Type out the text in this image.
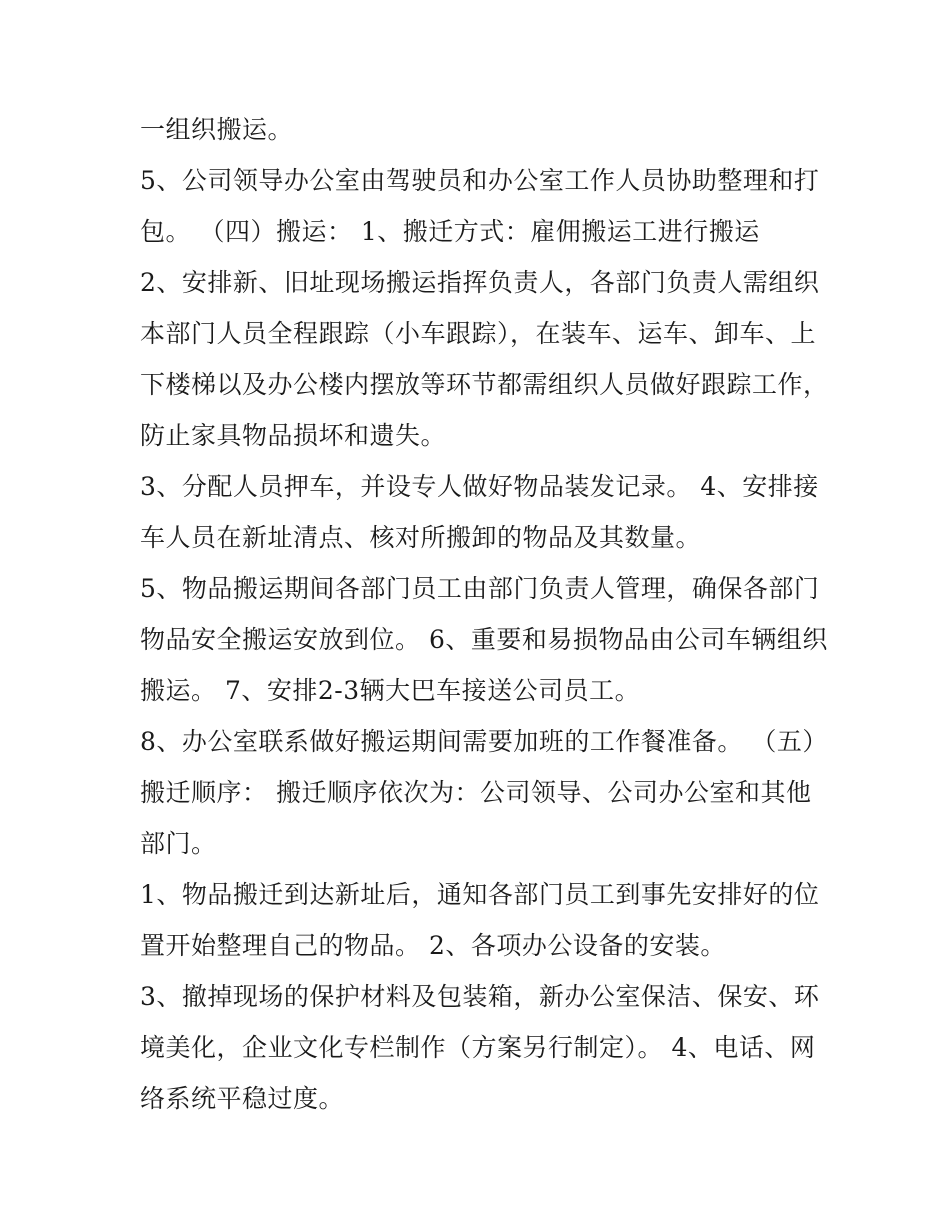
一组织搬运。
5、公司领导办公室由驾驶员和办公室工作人员协助整理和打
包。 （四）搬运： 1、搬迁方式：雇佣搬运工进行搬运
2、安排新、旧址现场搬运指挥负责人，各部门负责人需组织
本部门人员全程跟踪（小车跟踪），在装车、运车、卸车、上
下楼梯以及办公楼内摆放等环节都需组织人员做好跟踪工作，
防止家具物品损坏和遗失。
3、分配人员押车，并设专人做好物品装发记录。 4、安排接
车人员在新址清点、核对所搬卸的物品及其数量。
5、物品搬运期间各部门员工由部门负责人管理，确保各部门
物品安全搬运安放到位。 6、重要和易损物品由公司车辆组织
搬运。 7、安排2-3辆大巴车接送公司员工。
8、办公室联系做好搬运期间需要加班的工作餐准备。 （五）
搬迁顺序： 搬迁顺序依次为：公司领导、公司办公室和其他
部门。
1、物品搬迁到达新址后，通知各部门员工到事先安排好的位
置开始整理自己的物品。 2、各项办公设备的安装。
3、撤掉现场的保护材料及包装箱，新办公室保洁、保安、环
境美化，企业文化专栏制作（方案另行制定）。 4、电话、网
络系统平稳过度。
